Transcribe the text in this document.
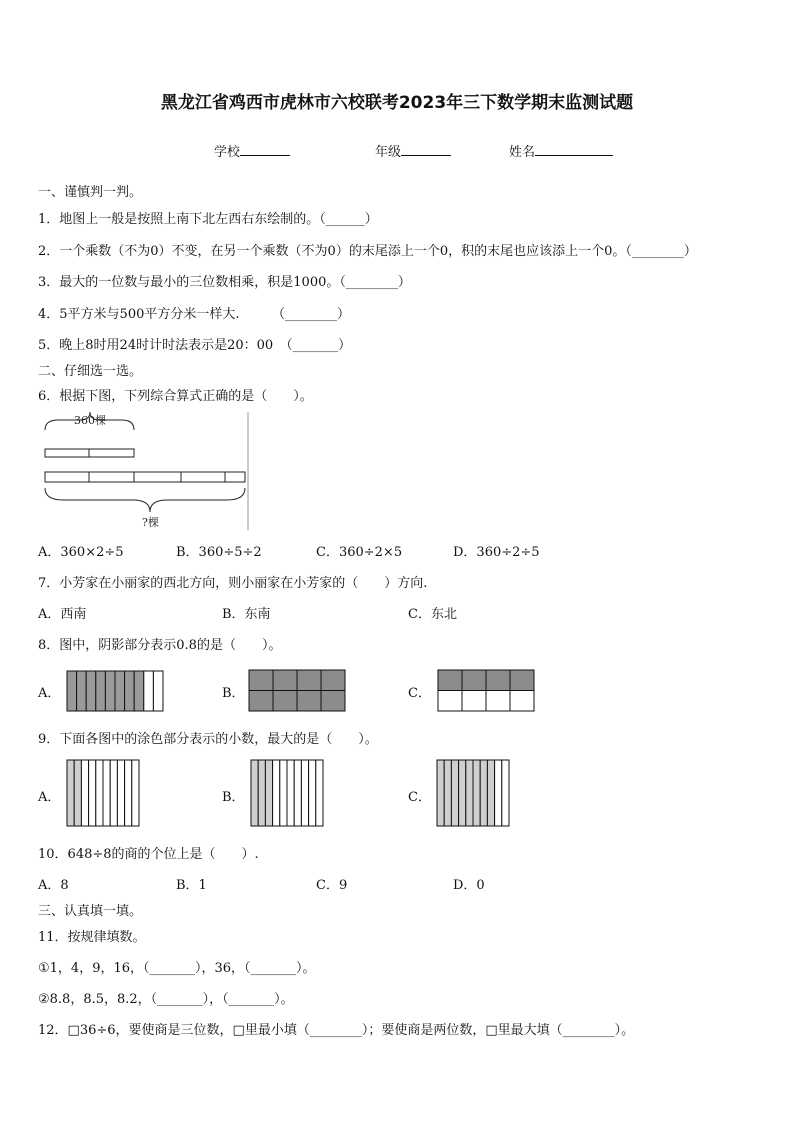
黑龙江省鸡西市虎林市六校联考2023年三下数学期末监测试题
学校	年级	姓名
一、谨慎判一判。
1．地图上一般是按照上南下北左西右东绘制的。（______）
2．一个乘数（不为0）不变，在另一个乘数（不为0）的末尾添上一个0，积的末尾也应该添上一个0。（________）
3．最大的一位数与最小的三位数相乘，积是1000。（________）
4．5平方米与500平方分米一样大.　　　（________）
5．晚上8时用24时计时法表示是20：00　（_______）
二、仔细选一选。
6．根据下图，下列综合算式正确的是（　　）。
360棵
?棵
A．360×2÷5	B．360÷5÷2	C．360÷2×5	D．360÷2÷5
7．小芳家在小丽家的西北方向，则小丽家在小芳家的（　　）方向.
A．西南	B．东南	C．东北
8．图中，阴影部分表示0.8的是（　　）。
A．	B．	C．
9．下面各图中的涂色部分表示的小数，最大的是（　　）。
A．	B．	C．
10．648÷8的商的个位上是（　　）.
A．8	B．1	C．9	D．0
三、认真填一填。
11．按规律填数。
①1，4，9，16，（_______），36，（_______）。
②8.8，8.5，8.2，（_______），（_______）。
12．□36÷6，要使商是三位数，□里最小填（________）；要使商是两位数，□里最大填（________）。
